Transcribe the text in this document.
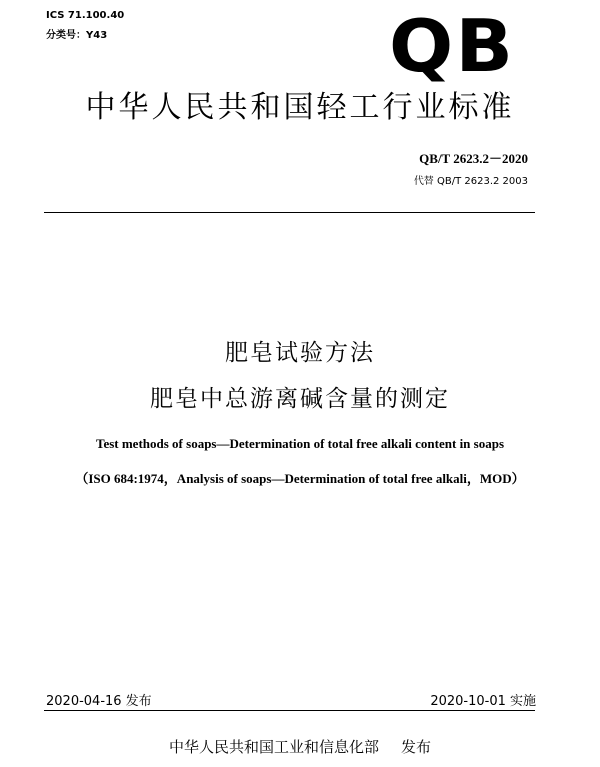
ICS 71.100.40
分类号：Y43	QB
中华人民共和国轻工行业标准
QB/T 2623.2－2020
代替 QB/T 2623.2 2003
肥皂试验方法
肥皂中总游离碱含量的测定
Test methods of soaps—Determination of total free alkali content in soaps
（ISO 684:1974，Analysis of soaps—Determination of total free alkali，MOD）
2020-04-16 发布	2020-10-01 实施
中华人民共和国工业和信息化部 发布
